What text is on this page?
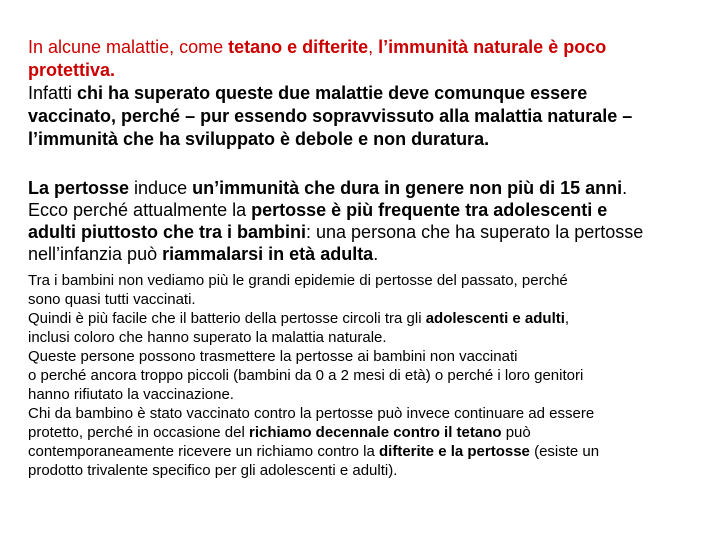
In alcune malattie, come tetano e difterite, l’immunità naturale è poco
protettiva.
Infatti chi ha superato queste due malattie deve comunque essere
vaccinato, perché – pur essendo sopravvissuto alla malattia naturale –
l’immunità che ha sviluppato è debole e non duratura.

La pertosse induce un’immunità che dura in genere non più di 15 anni.
Ecco perché attualmente la pertosse è più frequente tra adolescenti e
adulti piuttosto che tra i bambini: una persona che ha superato la pertosse
nell’infanzia può riammalarsi in età adulta.

Tra i bambini non vediamo più le grandi epidemie di pertosse del passato, perché
sono quasi tutti vaccinati.
Quindi è più facile che il batterio della pertosse circoli tra gli adolescenti e adulti,
inclusi coloro che hanno superato la malattia naturale.
Queste persone possono trasmettere la pertosse ai bambini non vaccinati
o perché ancora troppo piccoli (bambini da 0 a 2 mesi di età) o perché i loro genitori
hanno rifiutato la vaccinazione.
Chi da bambino è stato vaccinato contro la pertosse può invece continuare ad essere
protetto, perché in occasione del richiamo decennale contro il tetano può
contemporaneamente ricevere un richiamo contro la difterite e la pertosse (esiste un
prodotto trivalente specifico per gli adolescenti e adulti).
